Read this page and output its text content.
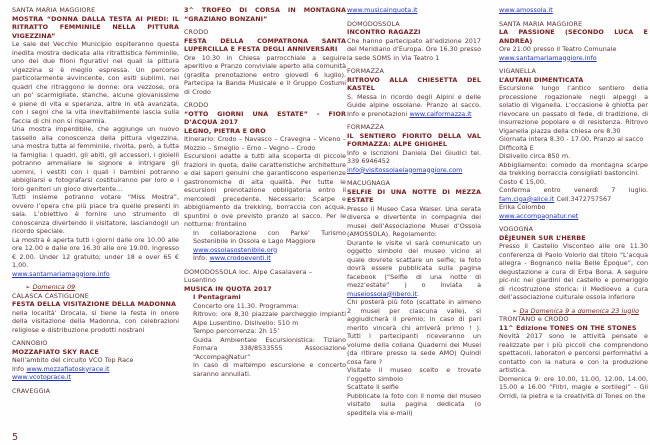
SANTA MARIA MAGGIORE
MOSTRA “DONNA DALLA TESTA AI PIEDI: IL RITRATTO FEMMINILE NELLA PITTURA VIGEZZINA”
Le sale del Vecchio Municipio ospiteranno questa inedita mostra dedicata alla ritrattistica femminile, uno dei due filoni figurativi nei quali la pittura vigezzina si è meglio espressa. Un percorso particolarmente avvincente, con esiti sublimi, nei quadri che ritraggono le donne: ora vezzose, ora un po’ scarmigliate, stanche, alcune giovanissime e piene di vita e speranza, altre in età avanzata, con i segni che la vita inevitabilmente lascia sulla faccia di chi non si risparmia.
Una mostra imperdibile, che aggiunge un nuovo tassello alla conoscenza della pittura vigezzina, una mostra tutta al femminile, rivolta, però, a tutta la famiglia: i quadri, gli abiti, gli accessori, i gioielli potranno ammaliare le signore e intrigare gli uomini, i vestiti con i quali i bambini potranno abbigliarsi e fotografarsi costituiranno per loro e i loro genitori un gioco divertente…
Tutti insieme potranno votare “Miss Mostra”, ovvero l’opera che più piace tra quelle presenti in sala. L’obiettivo è fornire uno strumento di conoscenza divertendo il visitatore, lasciandogli un ricordo speciale.
La mostra è aperta tutti i giorni dalle ore 10.00 alle ore 12.00 e dalle ore 16.30 alle ore 19.00. Ingresso € 2.00. Under 12 gratuito; under 18 e over 65 € 1,00.
www.santamariamaggiore.info
➢ Domenica 09
CALASCA CASTIGLIONE
FESTA DELLA VISITAZIONE DELLA MADONNA
nella località’ Drocala, si tiene la festa in onore della visitazione della Madonna, con celebrazioni religiose e distribuzione prodotti nostrani
CANNOBIO
MOZZAFIATO SKY RACE
Nell’ambito del circuito VCO Top Race
Info www.mozzafiatoskyrace.it
www.vcotoprace.it
CRAVEGGIA
3^ TROFEO DI CORSA IN MONTAGNA “GRAZIANO BONZANI”
CRODO
FESTA DELLA COMPATRONA SANTA LUPERCILLA E FESTA DEGLI ANNIVERSARI
Ore 10.30 in Chiesa parrocchiale a seguire aperitivo e Pranzo conviviale aperto alla comunità (gradita prenotazione entro giovedì 6 luglio). Partecipa la Banda Musicale e il Gruppo Costumi di Crodo
CRODO
“OTTO GIORNI UNA ESTATE” - FIOR D’ACQUA 2017
LEGNO, PIETRA E ORO
Itinerario: Crodo – Navasco – Cravegna – Viceno – Mozzio – Smeglio – Erno – Vegno – Crodo
Escursioni adatte a tutti alla scoperta di piccole frazioni in quota, dalle caratteristiche architetture e dai sapori genuini che garantiscono esperienze gastronomiche di alta qualità. Per tutte le escursioni prenotazione obbligatoria entro il mercoledì precedente. Necessario: Scarpe e abbigliamento da trekking, borraccia con acqua, spuntini o ove previsto pranzo al sacco. Per le notturne: frontalino
In collaborazione con Parke’ Turismo Sostenibile in Ossola e Lago Maggiore
www.ossolasostenibile.org
Info: www.crodoeventi.it
DOMODOSSOLA loc. Alpe Casalavera – Lusentino
MUSICA IN QUOTA 2017
I Pentagrami
Concerto ore 11.30. Programma:
Ritrovo: ore 8,30 piazzale parcheggio impianti Alpe Lusentino. Dislivello: 510 m
Tempo percorrenza: 2h 15’
Guida Ambientale Escursionistica: Tiziano Fornara 338/8533555 Associazione “AccompagNatur”
In caso di maltempo escursione e concerto saranno annullati.
www.musicainquota.it
DOMODOSSOLA
INCONTRO RAGAZZI
Che hanno partecipato all’edizione 2017 del Meridiano d’Europa. Ore 16.30 presso la sede SOMS in Via Teatro 1
FORMAZZA
RITROVO ALLA CHIESETTA DEL KASTEL
S. Messa in ricordo degli Alpini e delle Guide alpine ossolane. Pranzo al sacco. Info e prenotazioni www.caiformazza.it
FORMAZZA
IL SENTIERO FIORITO DELLA VAL FORMAZZA: ALPE GHIGHEL
Info e iscrizioni Daniela Dei Giudici tel. 339 6946452
info@visitossolaelagomaggiore.com
MACUGNAGA
SELFIE DI UNA NOTTE DI MEZZA ESTATE
Presso il Museo Casa Walser. Una serata diversa e divertente in compagnia dei musei dell’Associazione Musei d’Ossola (AMOSSOLA). Regolamento:
Durante le visite vi sarà comunicato un oggetto simbolo del museo vicino al quale dovrete scattare un selfie; la foto dovrà essere pubblicata sulla pagina facebook (“Selfie di una notte di mezz’estate” ) o inviata a museiossola@libero.it.
Chi posterà più foto (scattate in almeno 2 musei per ciascuna valle), si aggiudicherà il premio; in caso di pari merito vincerà chi arriverà primo ! ). Tutti i partecipanti riceveranno un volume della collana Quaderni dei Musei (da ritirare presso la sede AMO) Quindi cosa fare ?
Visitate il museo scelto e trovate l’oggetto simbolo
Scattate il selfie
Pubblicate la foto con il nome del museo visitato sulla pagina dedicata (o speditela via e-mail)
www.amossola.it
SANTA MARIA MAGGIORE
LA PASSIONE (SECONDO LUCA E ANDREA)
Ore 21.00 presso il Teatro Comunale
www.santamariamaggiore.info
VIGANELLA
L’AUTANI DIMENTICATA
Escursione lungo l’antico sentiero della processione rogazionale negli alpeggi a solatio di Viganella. L’occasione è ghiotta per rievocare un passato di fede, di tradizione, di insurrezione popolare e di resistenza. Ritrovo Viganella piazza della chiesa ore 8.30
Giornata intera 8.30 - 17.00, Pranzo al sacco
Difficoltà E
Dislivello circa 850 m.
Abbigliamento: comodo da montagna scarpe da trekking borraccia consigliati bastoncini.
Costo € 15,00.
Conferma entro venerdì 7 luglio. fam.ciga@alice.it Cell.3472757567
Erika Colombo
www.accompagnatur.net
VOGOGNA
DÉJEUNER SUR L’HERBE
Presso il Castello Visconteo alle ore 11.30 conferenza di Paolo Volorio dal titolo “L’acqua allegra - Bognanco nella Belle Époque”, con degustazione a cura di Erba Bona. A seguire pic-nic nei giardini del castello e pomeriggio di ricostruzione storica: il Medioevo a cura dell’associazione culturale ossola inferiore
➢ Da Domenica 9 a domenica 23 luglio
TRONTANO e CRODO
11^ Edizione TONES ON THE STONES
Novità 2017 sono le attività pensate e realizzate per i più piccoli che comprendono spettacoli, laboratori e percorsi performativi a contatto con la natura e con la produzione artistica.
Domenica 9: ore 10.00, 11.00, 12.00, 14.00, 15.00 e 16.00 “Flitri, magie e sortilegi” - Gli Orridi, la pietra e la creatività di Tones on the
5
